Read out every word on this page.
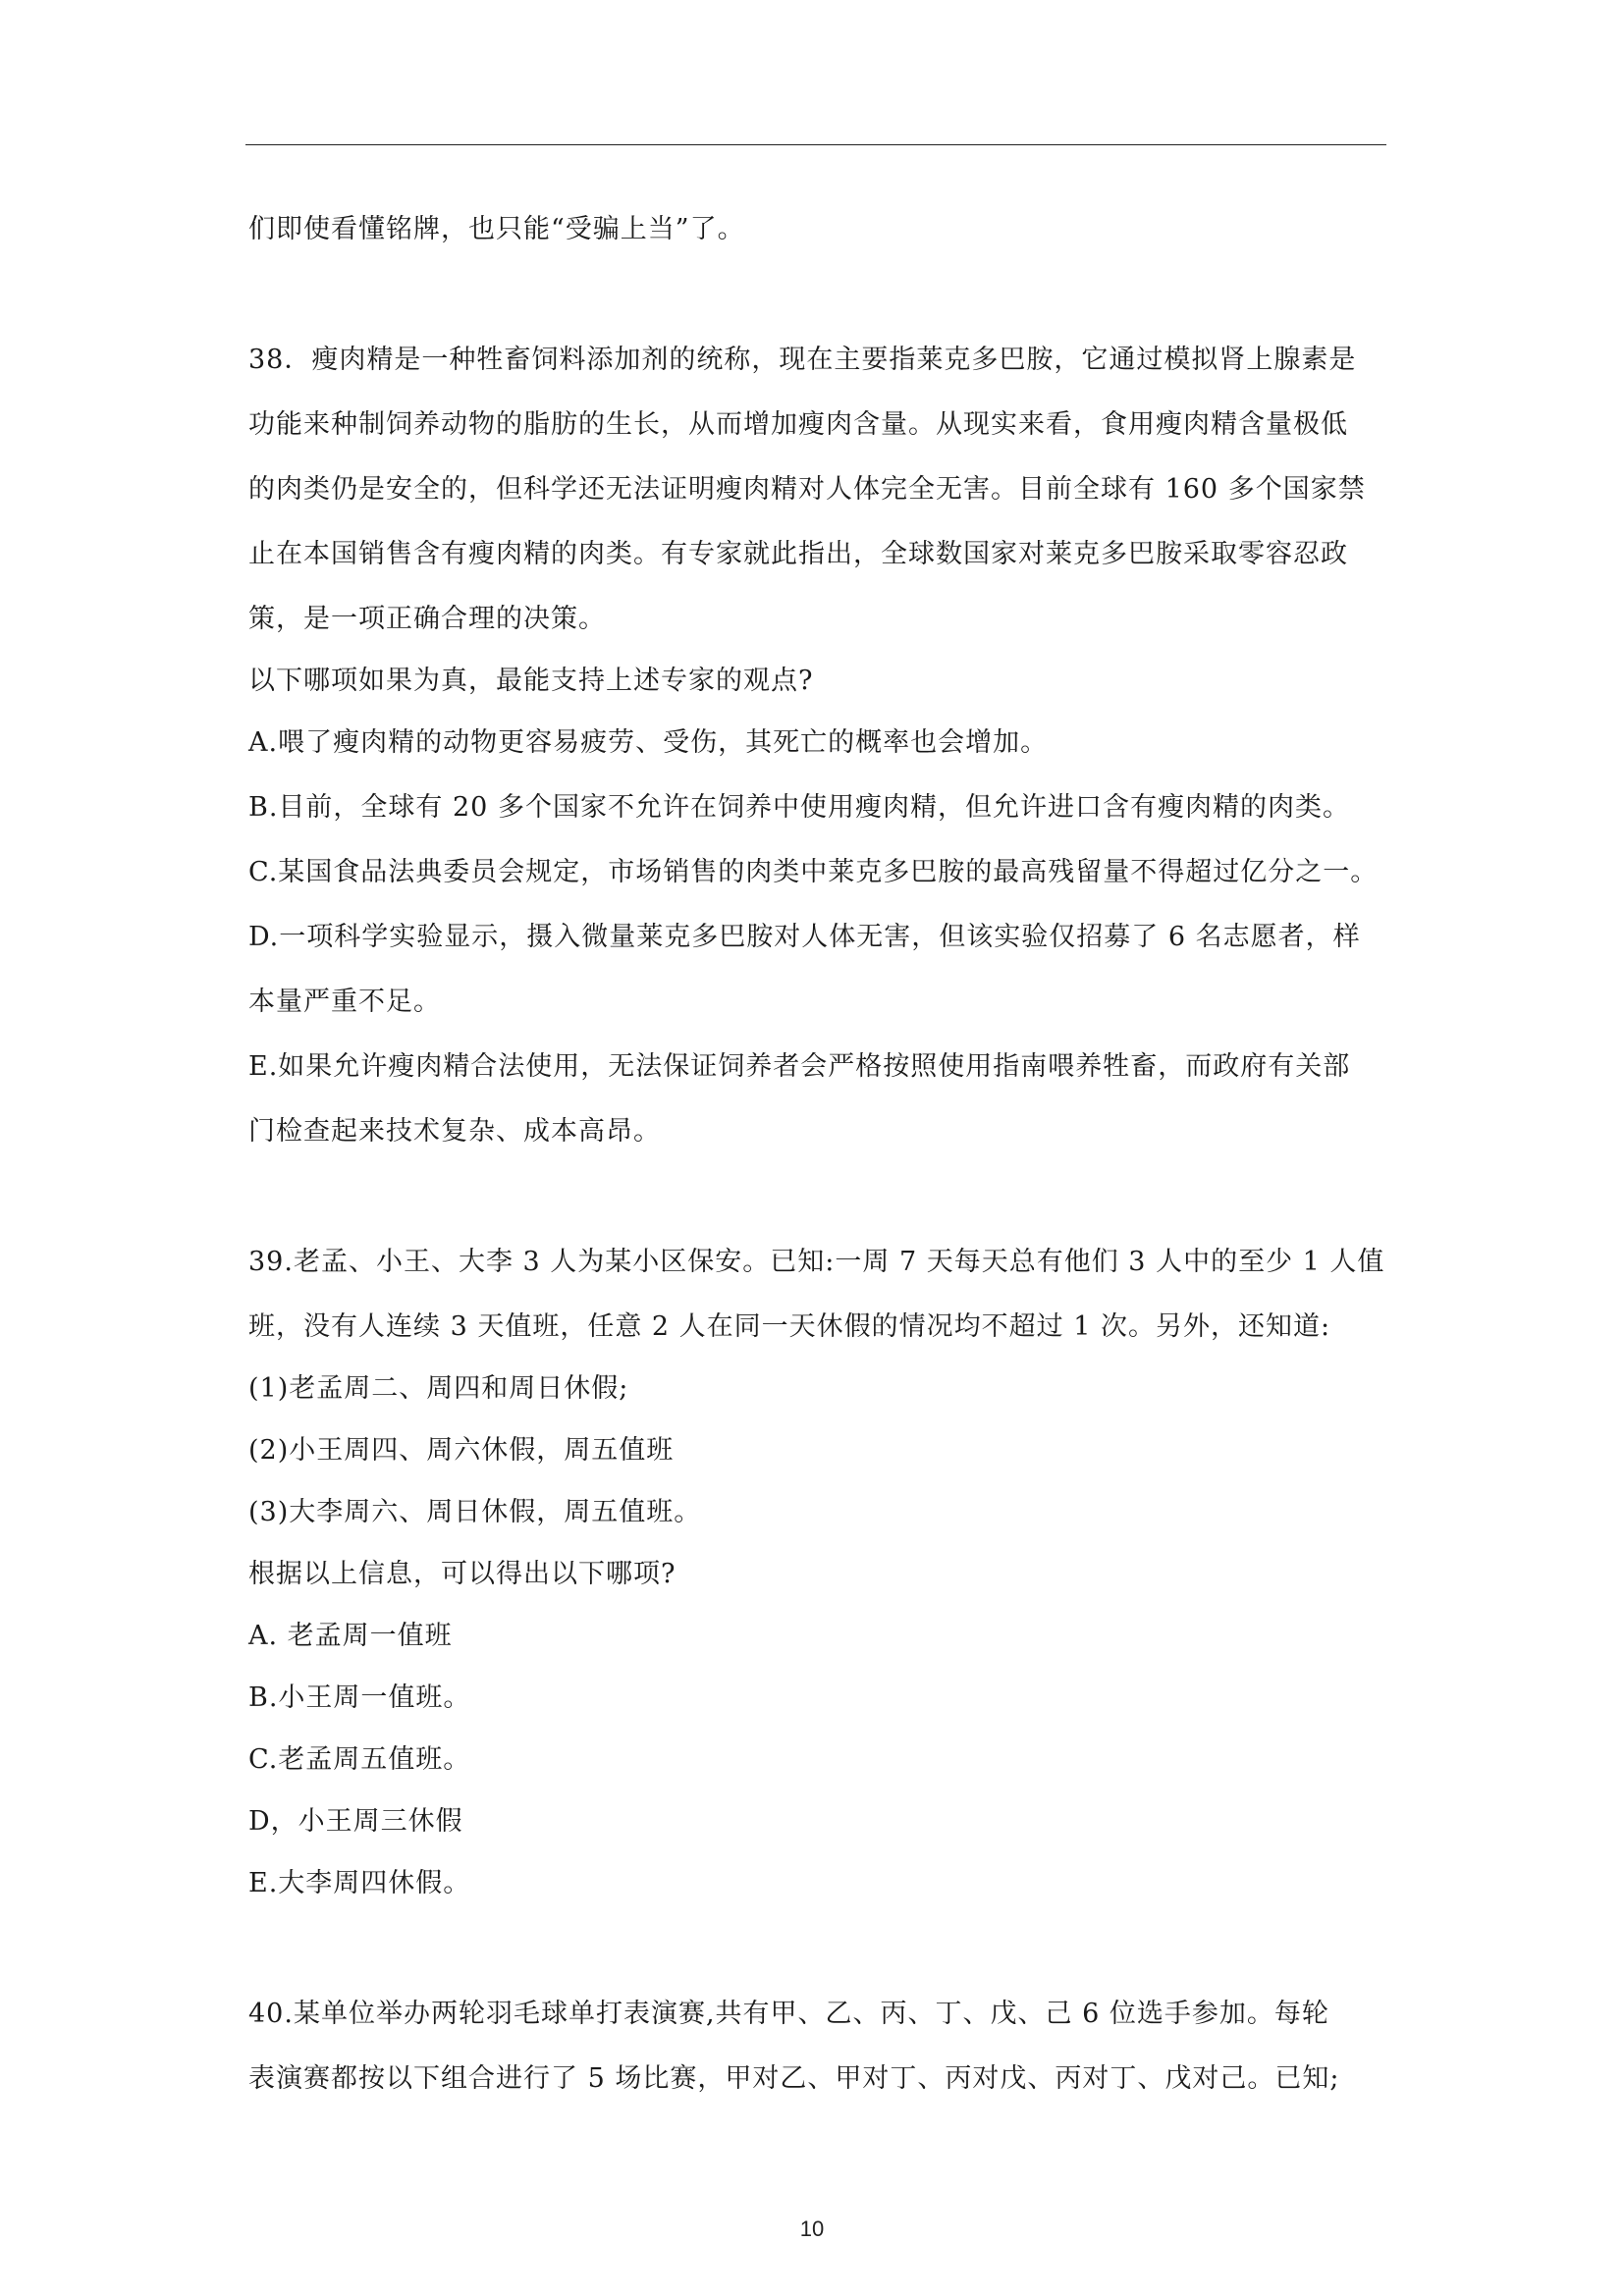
们即使看懂铭牌，也只能“受骗上当”了。
38．瘦肉精是一种牲畜饲料添加剂的统称，现在主要指莱克多巴胺，它通过模拟肾上腺素是
功能来种制饲养动物的脂肪的生长，从而增加瘦肉含量。从现实来看，食用瘦肉精含量极低
的肉类仍是安全的，但科学还无法证明瘦肉精对人体完全无害。目前全球有 160 多个国家禁
止在本国销售含有瘦肉精的肉类。有专家就此指出，全球数国家对莱克多巴胺采取零容忍政
策，是一项正确合理的决策。
以下哪项如果为真，最能支持上述专家的观点?
A.喂了瘦肉精的动物更容易疲劳、受伤，其死亡的概率也会增加。
B.目前，全球有 20 多个国家不允许在饲养中使用瘦肉精，但允许进口含有瘦肉精的肉类。
C.某国食品法典委员会规定，市场销售的肉类中莱克多巴胺的最高残留量不得超过亿分之一。
D.一项科学实验显示，摄入微量莱克多巴胺对人体无害，但该实验仅招募了 6 名志愿者，样
本量严重不足。
E.如果允许瘦肉精合法使用，无法保证饲养者会严格按照使用指南喂养牲畜，而政府有关部
门检查起来技术复杂、成本高昂。
39.老孟、小王、大李 3 人为某小区保安。已知:一周 7 天每天总有他们 3 人中的至少 1 人值
班，没有人连续 3 天值班，任意 2 人在同一天休假的情况均不超过 1 次。另外，还知道:
(1)老孟周二、周四和周日休假;
(2)小王周四、周六休假，周五值班
(3)大李周六、周日休假，周五值班。
根据以上信息，可以得出以下哪项?
A. 老孟周一值班
B.小王周一值班。
C.老孟周五值班。
D，小王周三休假
E.大李周四休假。
40.某单位举办两轮羽毛球单打表演赛,共有甲、乙、丙、丁、戊、己 6 位选手参加。每轮
表演赛都按以下组合进行了 5 场比赛，甲对乙、甲对丁、丙对戊、丙对丁、戊对己。已知;
10
